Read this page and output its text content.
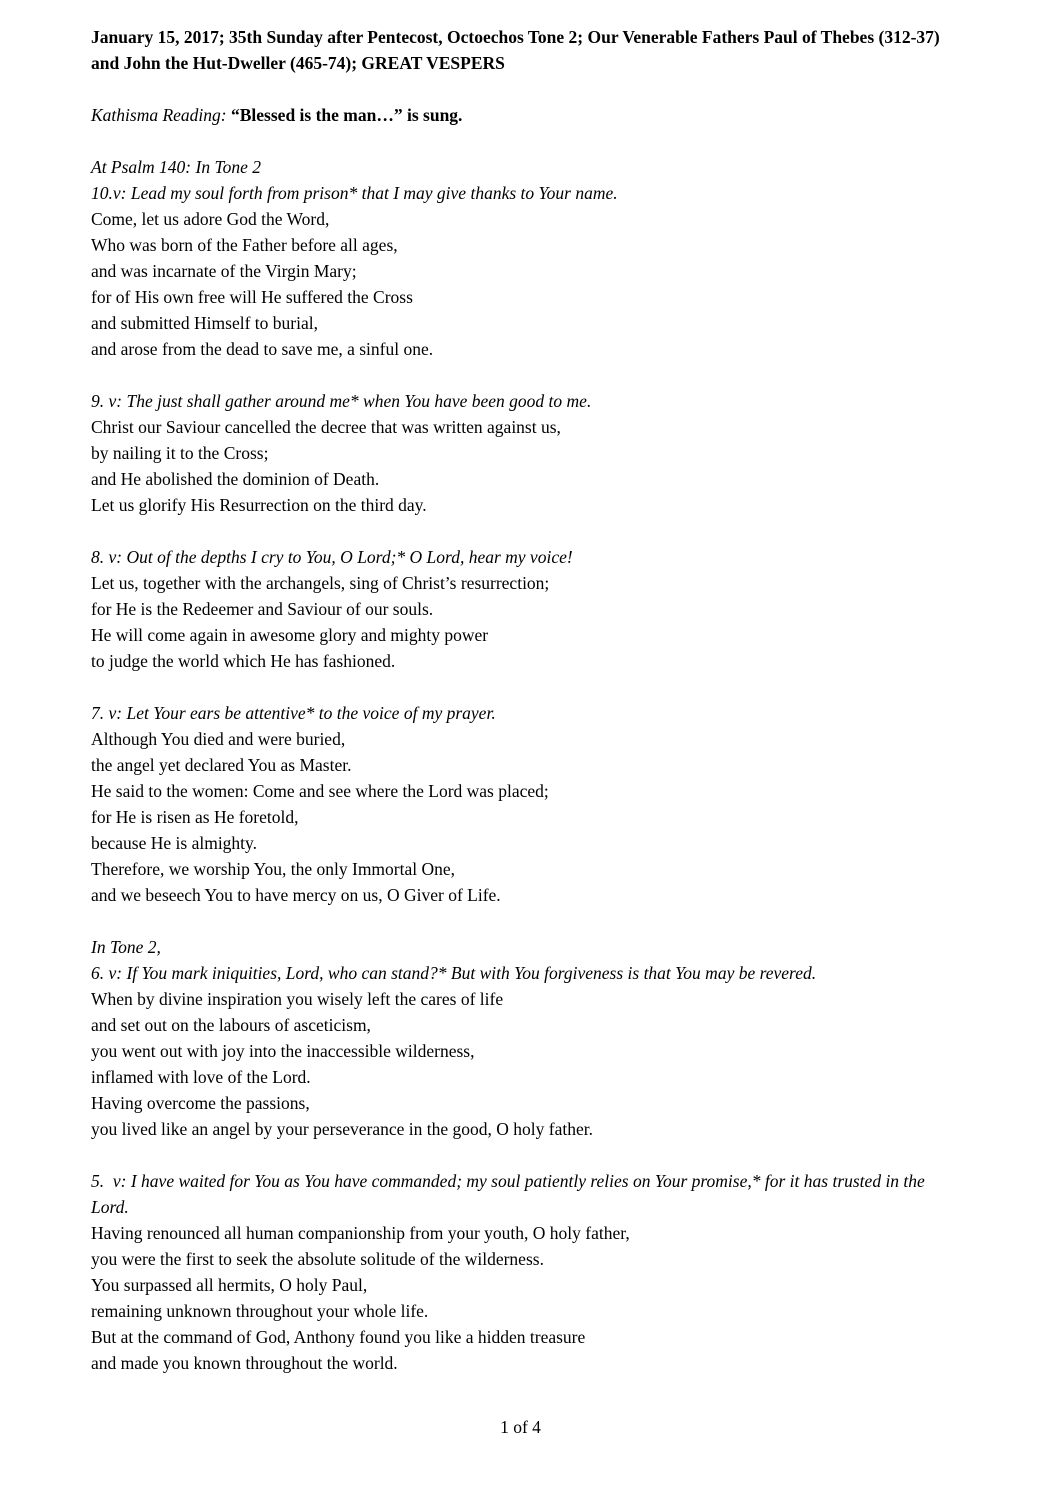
January 15, 2017; 35th Sunday after Pentecost, Octoechos Tone 2; Our Venerable Fathers Paul of Thebes (312-37) and John the Hut-Dweller (465-74); GREAT VESPERS

Kathisma Reading: “Blessed is the man…” is sung.

At Psalm 140: In Tone 2
10.v: Lead my soul forth from prison* that I may give thanks to Your name.
Come, let us adore God the Word,
Who was born of the Father before all ages,
and was incarnate of the Virgin Mary;
for of His own free will He suffered the Cross
and submitted Himself to burial,
and arose from the dead to save me, a sinful one.
9. v: The just shall gather around me* when You have been good to me.
Christ our Saviour cancelled the decree that was written against us,
by nailing it to the Cross;
and He abolished the dominion of Death.
Let us glorify His Resurrection on the third day.
8. v: Out of the depths I cry to You, O Lord;* O Lord, hear my voice!
Let us, together with the archangels, sing of Christ’s resurrection;
for He is the Redeemer and Saviour of our souls.
He will come again in awesome glory and mighty power
to judge the world which He has fashioned.
7. v: Let Your ears be attentive* to the voice of my prayer.
Although You died and were buried,
the angel yet declared You as Master.
He said to the women: Come and see where the Lord was placed;
for He is risen as He foretold,
because He is almighty.
Therefore, we worship You, the only Immortal One,
and we beseech You to have mercy on us, O Giver of Life.
In Tone 2,
6. v: If You mark iniquities, Lord, who can stand?* But with You forgiveness is that You may be revered.
When by divine inspiration you wisely left the cares of life
and set out on the labours of asceticism,
you went out with joy into the inaccessible wilderness,
inflamed with love of the Lord.
Having overcome the passions,
you lived like an angel by your perseverance in the good, O holy father.
5.  v: I have waited for You as You have commanded; my soul patiently relies on Your promise,* for it has trusted in the Lord.
Having renounced all human companionship from your youth, O holy father,
you were the first to seek the absolute solitude of the wilderness.
You surpassed all hermits, O holy Paul,
remaining unknown throughout your whole life.
But at the command of God, Anthony found you like a hidden treasure
and made you known throughout the world.

1 of 4
